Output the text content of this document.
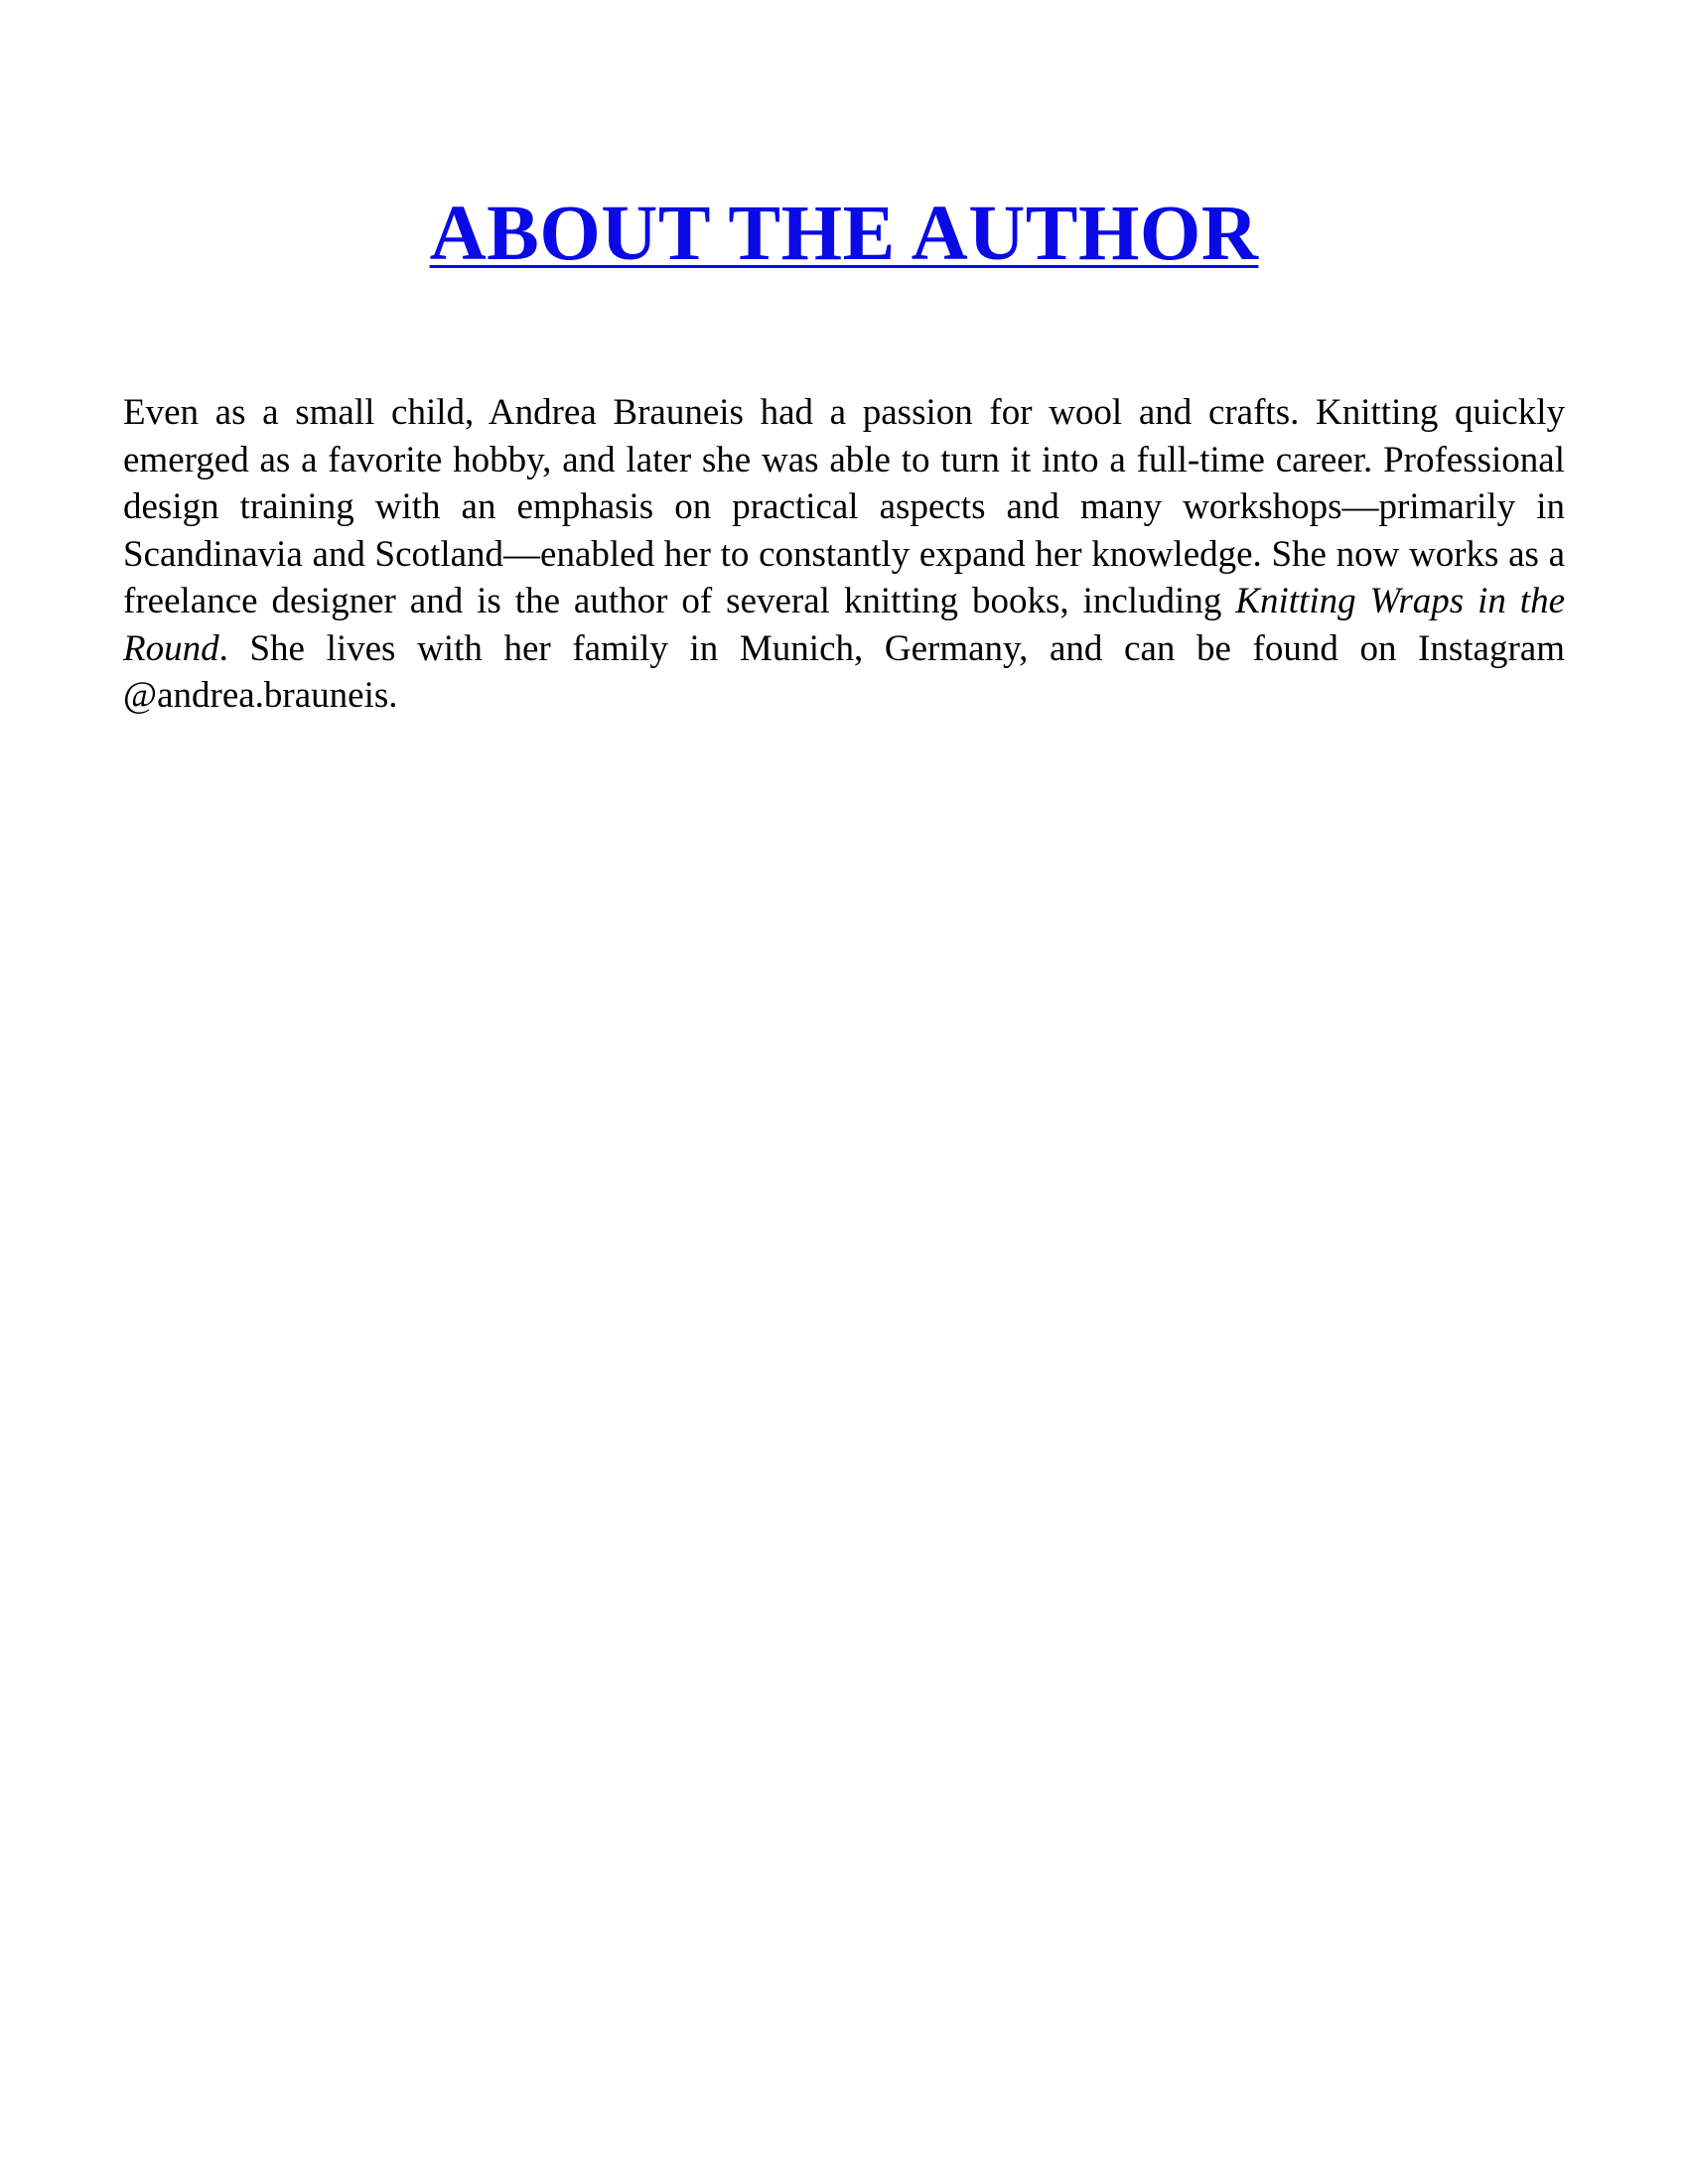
ABOUT THE AUTHOR

Even as a small child, Andrea Brauneis had a passion for wool and crafts. Knitting quickly emerged as a favorite hobby, and later she was able to turn it into a full-time career. Professional design training with an emphasis on practical aspects and many workshops—primarily in Scandinavia and Scotland—enabled her to constantly expand her knowledge. She now works as a freelance designer and is the author of several knitting books, including Knitting Wraps in the Round. She lives with her family in Munich, Germany, and can be found on Instagram @andrea.brauneis.
